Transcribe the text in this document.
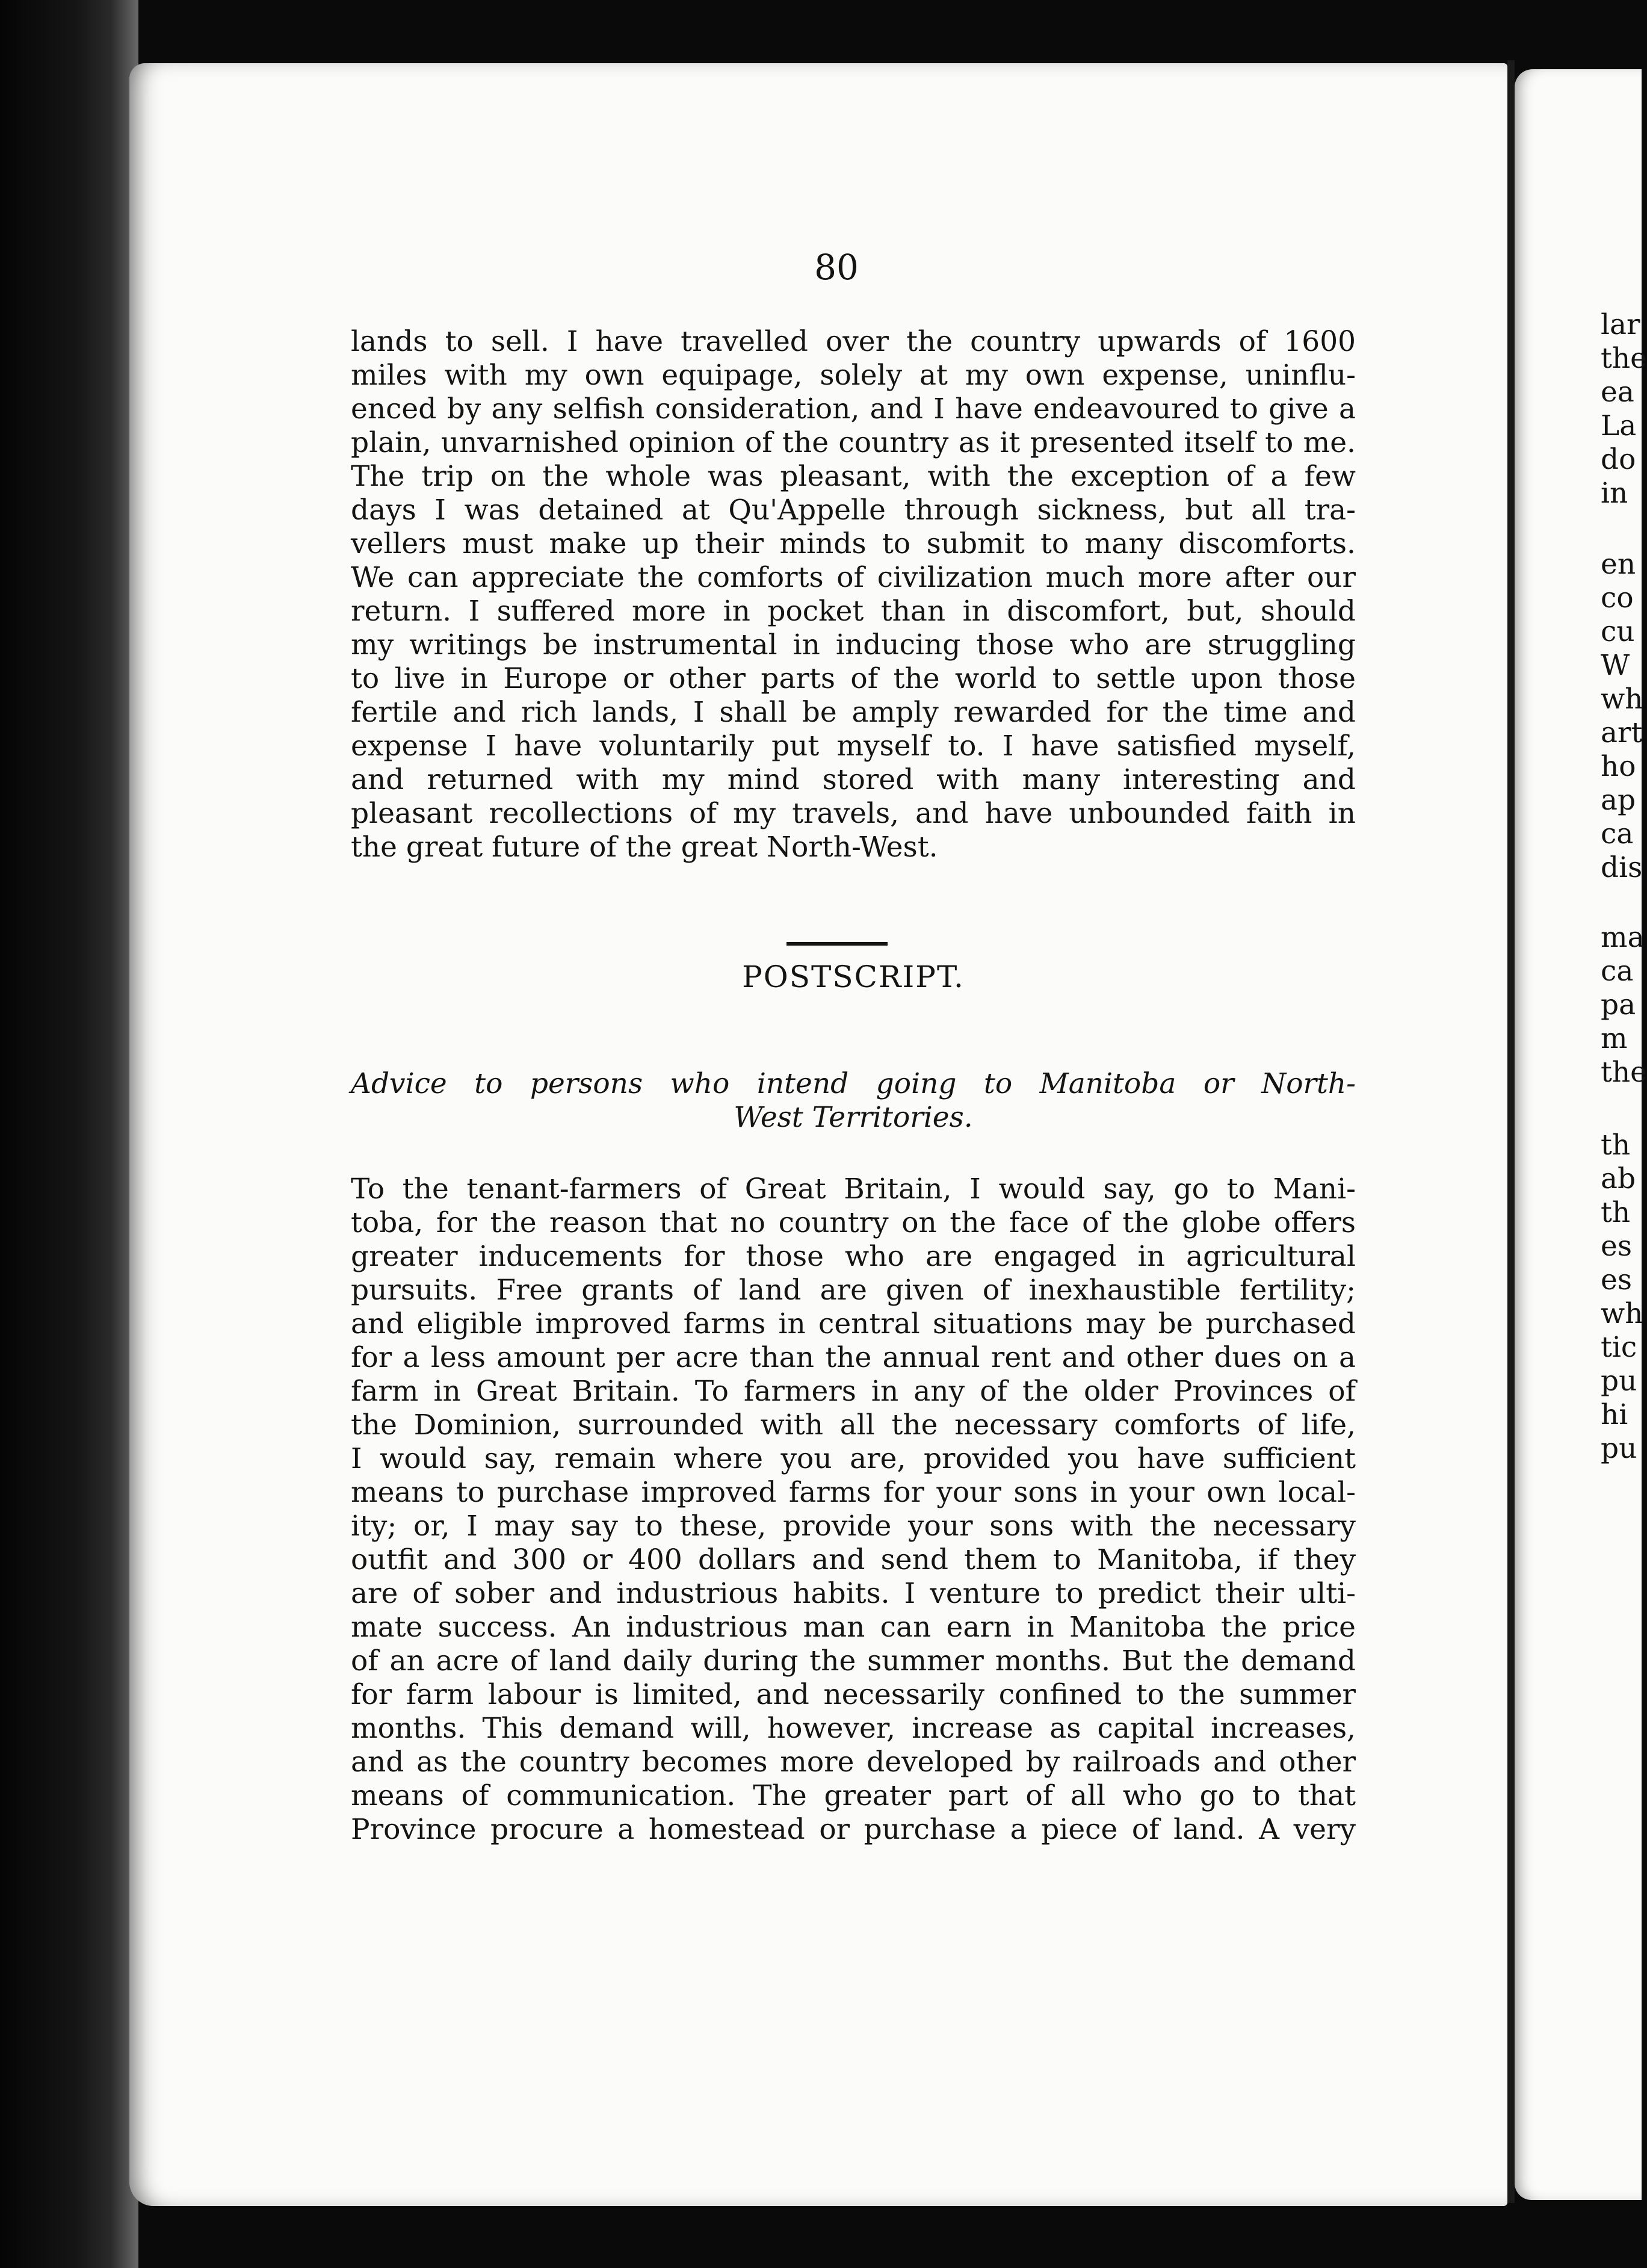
80
lands to sell. I have travelled over the country upwards of 1600
miles with my own equipage, solely at my own expense, uninflu-
enced by any selfish consideration, and I have endeavoured to give a
plain, unvarnished opinion of the country as it presented itself to me.
The trip on the whole was pleasant, with the exception of a few
days I was detained at Qu'Appelle through sickness, but all tra-
vellers must make up their minds to submit to many discomforts.
We can appreciate the comforts of civilization much more after our
return. I suffered more in pocket than in discomfort, but, should
my writings be instrumental in inducing those who are struggling
to live in Europe or other parts of the world to settle upon those
fertile and rich lands, I shall be amply rewarded for the time and
expense I have voluntarily put myself to. I have satisfied myself,
and returned with my mind stored with many interesting and
pleasant recollections of my travels, and have unbounded faith in
the great future of the great North-West.
POSTSCRIPT.
Advice to persons who intend going to Manitoba or North-
West Territories.
To the tenant-farmers of Great Britain, I would say, go to Mani-
toba, for the reason that no country on the face of the globe offers
greater inducements for those who are engaged in agricultural
pursuits. Free grants of land are given of inexhaustible fertility;
and eligible improved farms in central situations may be purchased
for a less amount per acre than the annual rent and other dues on a
farm in Great Britain. To farmers in any of the older Provinces of
the Dominion, surrounded with all the necessary comforts of life,
I would say, remain where you are, provided you have sufficient
means to purchase improved farms for your sons in your own local-
ity; or, I may say to these, provide your sons with the necessary
outfit and 300 or 400 dollars and send them to Manitoba, if they
are of sober and industrious habits. I venture to predict their ulti-
mate success. An industrious man can earn in Manitoba the price
of an acre of land daily during the summer months. But the demand
for farm labour is limited, and necessarily confined to the summer
months. This demand will, however, increase as capital increases,
and as the country becomes more developed by railroads and other
means of communication. The greater part of all who go to that
Province procure a homestead or purchase a piece of land. A very
lar
the
ea
La
do
in
en
co
cu
W
wh
art
ho
ap
ca
dis
ma
ca
pa
m
the
th
ab
th
es
es
wh
tic
pu
hi
pu
